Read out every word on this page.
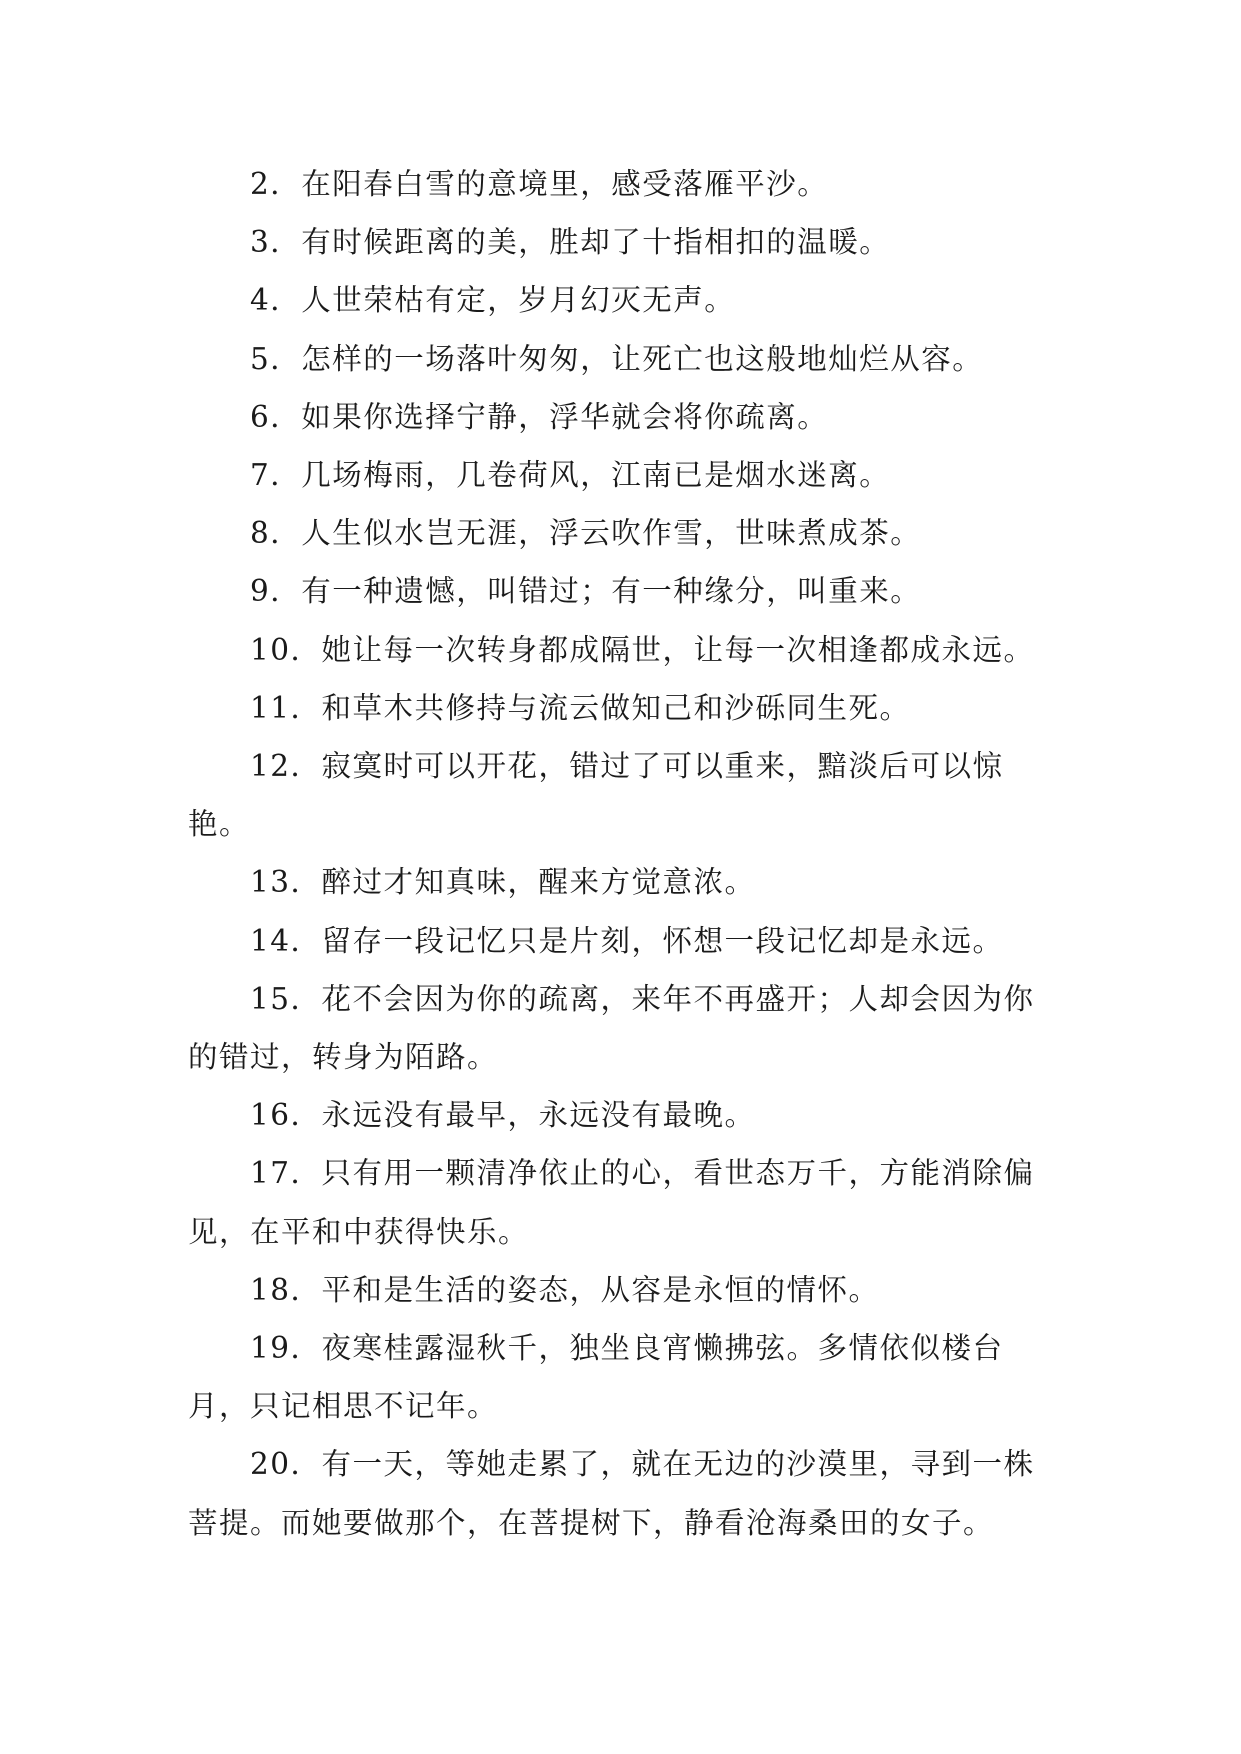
2．在阳春白雪的意境里，感受落雁平沙。

3．有时候距离的美，胜却了十指相扣的温暖。

4．人世荣枯有定，岁月幻灭无声。

5．怎样的一场落叶匆匆，让死亡也这般地灿烂从容。

6．如果你选择宁静，浮华就会将你疏离。

7．几场梅雨，几卷荷风，江南已是烟水迷离。

8．人生似水岂无涯，浮云吹作雪，世味煮成茶。

9．有一种遗憾，叫错过；有一种缘分，叫重来。

10．她让每一次转身都成隔世，让每一次相逢都成永远。

11．和草木共修持与流云做知己和沙砾同生死。

12．寂寞时可以开花，错过了可以重来，黯淡后可以惊艳。

13．醉过才知真味，醒来方觉意浓。

14．留存一段记忆只是片刻，怀想一段记忆却是永远。

15．花不会因为你的疏离，来年不再盛开；人却会因为你的错过，转身为陌路。

16．永远没有最早，永远没有最晚。

17．只有用一颗清净依止的心，看世态万千，方能消除偏见，在平和中获得快乐。

18．平和是生活的姿态，从容是永恒的情怀。

19．夜寒桂露湿秋千，独坐良宵懒拂弦。多情依似楼台月，只记相思不记年。

20．有一天，等她走累了，就在无边的沙漠里，寻到一株菩提。而她要做那个，在菩提树下，静看沧海桑田的女子。
